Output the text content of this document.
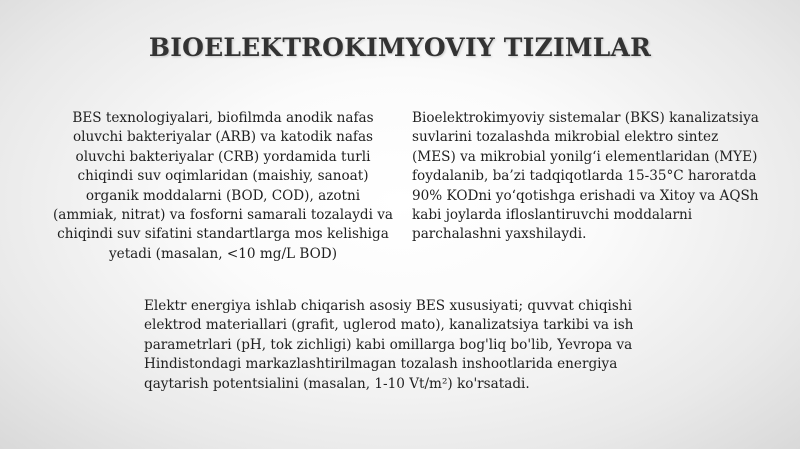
BIOELEKTROKIMYOVIY TIZIMLAR

BES texnologiyalari, biofilmda anodik nafas oluvchi bakteriyalar (ARB) va katodik nafas oluvchi bakteriyalar (CRB) yordamida turli chiqindi suv oqimlaridan (maishiy, sanoat) organik moddalarni (BOD, COD), azotni (ammiak, nitrat) va fosforni samarali tozalaydi va chiqindi suv sifatini standartlarga mos kelishiga yetadi (masalan, <10 mg/L BOD)

Bioelektrokimyoviy sistemalar (BKS) kanalizatsiya suvlarini tozalashda mikrobial elektro sintez (MES) va mikrobial yonilg‘i elementlaridan (MYE) foydalanib, ba’zi tadqiqotlarda 15-35°C haroratda 90% KODni yo‘qotishga erishadi va Xitoy va AQSh kabi joylarda ifloslantiruvchi moddalarni parchalashni yaxshilaydi.

Elektr energiya ishlab chiqarish asosiy BES xususiyati; quvvat chiqishi elektrod materiallari (grafit, uglerod mato), kanalizatsiya tarkibi va ish parametrlari (pH, tok zichligi) kabi omillarga bog'liq bo'lib, Yevropa va Hindistondagi markazlashtirilmagan tozalash inshootlarida energiya qaytarish potentsialini (masalan, 1-10 Vt/m²) ko'rsatadi.
